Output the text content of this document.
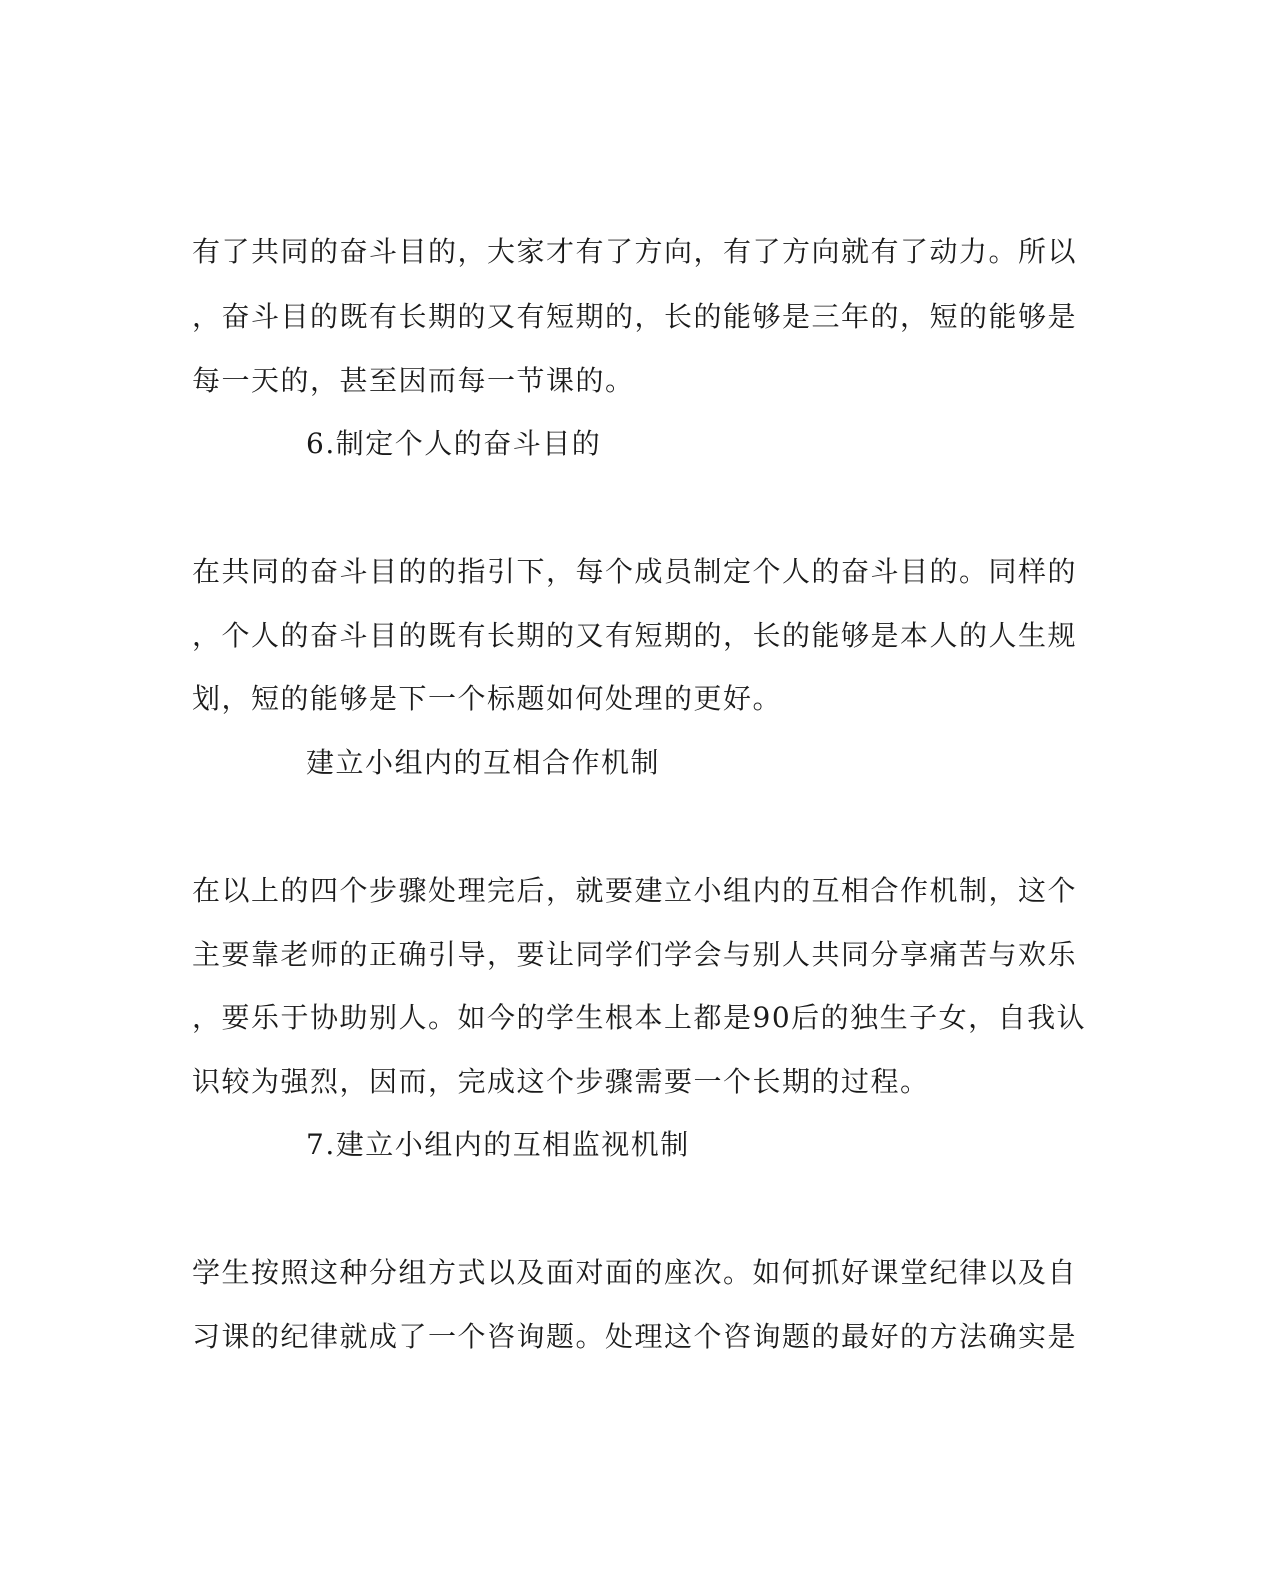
有了共同的奋斗目的，大家才有了方向，有了方向就有了动力。所以
，奋斗目的既有长期的又有短期的，长的能够是三年的，短的能够是
每一天的，甚至因而每一节课的。
6.制定个人的奋斗目的
在共同的奋斗目的的指引下，每个成员制定个人的奋斗目的。同样的
，个人的奋斗目的既有长期的又有短期的，长的能够是本人的人生规
划，短的能够是下一个标题如何处理的更好。
建立小组内的互相合作机制
在以上的四个步骤处理完后，就要建立小组内的互相合作机制，这个
主要靠老师的正确引导，要让同学们学会与别人共同分享痛苦与欢乐
，要乐于协助别人。如今的学生根本上都是90后的独生子女，自我认
识较为强烈，因而，完成这个步骤需要一个长期的过程。
7.建立小组内的互相监视机制
学生按照这种分组方式以及面对面的座次。如何抓好课堂纪律以及自
习课的纪律就成了一个咨询题。处理这个咨询题的最好的方法确实是
